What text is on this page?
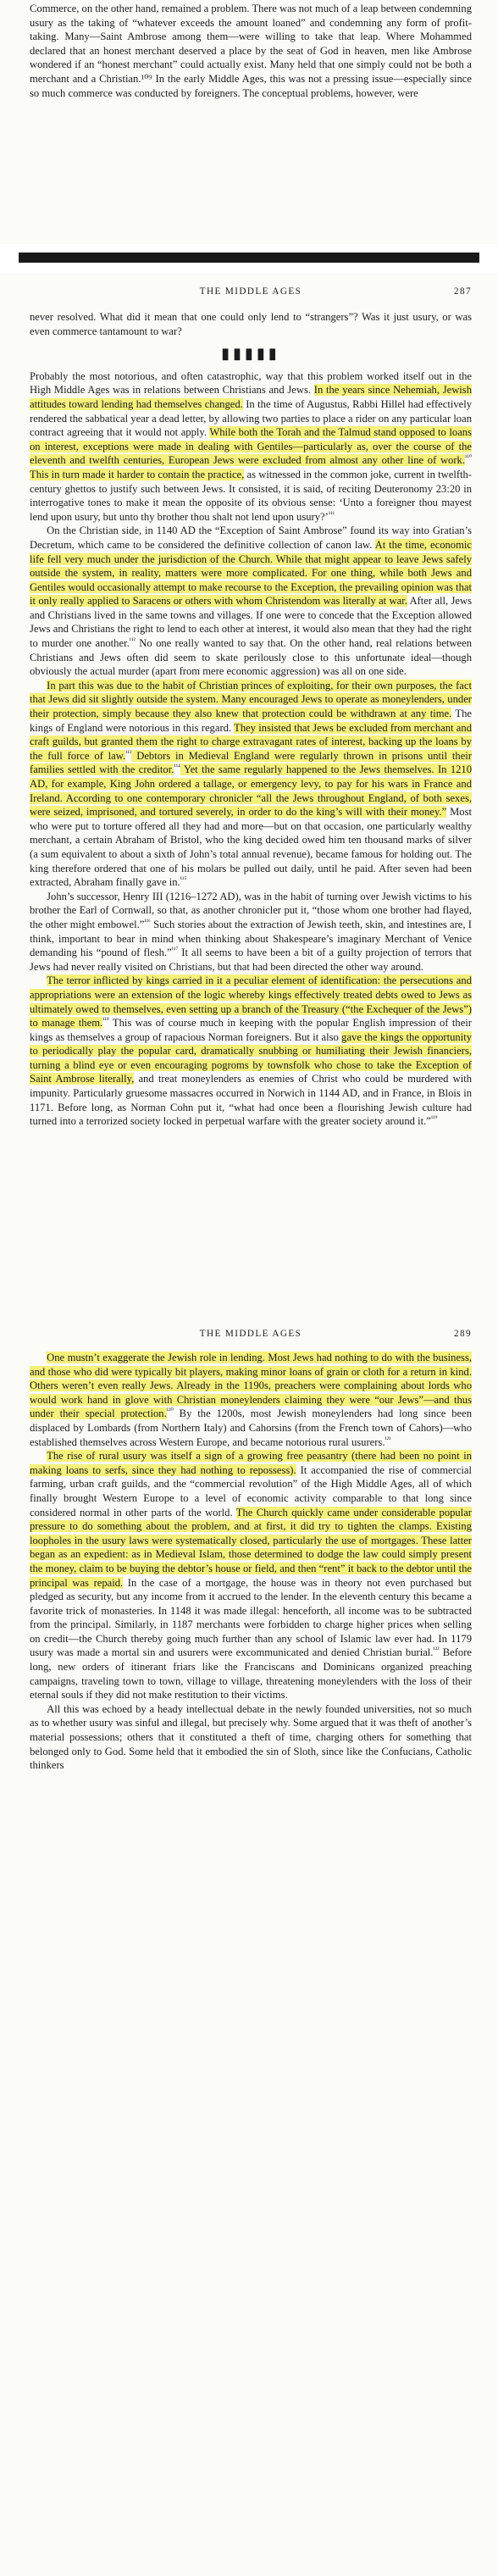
Commerce, on the other hand, remained a problem. There was not much of a leap between condemning usury as the taking of “whatever exceeds the amount loaned” and condemning any form of profit-taking. Many—Saint Ambrose among them—were willing to take that leap. Where Mohammed declared that an honest merchant deserved a place by the seat of God in heaven, men like Ambrose wondered if an “honest merchant” could actually exist. Many held that one simply could not be both a merchant and a Christian.¹⁰⁹ In the early Middle Ages, this was not a pressing issue—especially since so much commerce was conducted by foreigners. The conceptual problems, however, were

THE MIDDLE AGES	287

never resolved. What did it mean that one could only lend to “strangers”? Was it just usury, or was even commerce tantamount to war?

▮▮▮▮▮

Probably the most notorious, and often catastrophic, way that this problem worked itself out in the High Middle Ages was in relations between Christians and Jews. In the years since Nehemiah, Jewish attitudes toward lending had themselves changed. In the time of Augustus, Rabbi Hillel had effectively rendered the sabbatical year a dead letter, by allowing two parties to place a rider on any particular loan contract agreeing that it would not apply. While both the Torah and the Talmud stand opposed to loans on interest, exceptions were made in dealing with Gentiles—particularly as, over the course of the eleventh and twelfth centuries, European Jews were excluded from almost any other line of work.$^{^{110}}$ This in turn made it harder to contain the practice, as witnessed in the common joke, current in twelfth-century ghettos to justify such between Jews. It consisted, it is said, of reciting Deuteronomy 23:20 in interrogative tones to make it mean the opposite of its obvious sense: ‘Unto a foreigner thou mayest lend upon usury, but unto thy brother thou shalt not lend upon usury?’$^{^{111}}$

On the Christian side, in 1140 AD the “Exception of Saint Ambrose” found its way into Gratian’s Decretum, which came to be considered the definitive collection of canon law. At the time, economic life fell very much under the jurisdiction of the Church. While that might appear to leave Jews safely outside the system, in reality, matters were more complicated. For one thing, while both Jews and Gentiles would occasionally attempt to make recourse to the Exception, the prevailing opinion was that it only really applied to Saracens or others with whom Christendom was literally at war. After all, Jews and Christians lived in the same towns and villages. If one were to concede that the Exception allowed Jews and Christians the right to lend to each other at interest, it would also mean that they had the right to murder one another.$^{^{112}}$ No one really wanted to say that. On the other hand, real relations between Christians and Jews often did seem to skate perilously close to this unfortunate ideal—though obviously the actual murder (apart from mere economic aggression) was all on one side.

In part this was due to the habit of Christian princes of exploiting, for their own purposes, the fact that Jews did sit slightly outside the system. Many encouraged Jews to operate as moneylenders, under their protection, simply because they also knew that protection could be withdrawn at any time. The kings of England were notorious in this regard. They insisted that Jews be excluded from merchant and craft guilds, but granted them the right to charge extravagant rates of interest, backing up the loans by the full force of law.$^{^{113}}$ Debtors in Medieval England were regularly thrown in prisons until their families settled with the creditor.$^{^{114}}$ Yet the same regularly happened to the Jews themselves. In 1210 AD, for example, King John ordered a tallage, or emergency levy, to pay for his wars in France and Ireland. According to one contemporary chronicler “all the Jews throughout England, of both sexes, were seized, imprisoned, and tortured severely, in order to do the king’s will with their money.” Most who were put to torture offered all they had and more—but on that occasion, one particularly wealthy merchant, a certain Abraham of Bristol, who the king decided owed him ten thousand marks of silver (a sum equivalent to about a sixth of John’s total annual revenue), became famous for holding out. The king therefore ordered that one of his molars be pulled out daily, until he paid. After seven had been extracted, Abraham finally gave in.$^{^{115}}$

John’s successor, Henry III (1216–1272 AD), was in the habit of turning over Jewish victims to his brother the Earl of Cornwall, so that, as another chronicler put it, “those whom one brother had flayed, the other might embowel.”$^{^{116}}$ Such stories about the extraction of Jewish teeth, skin, and intestines are, I think, important to bear in mind when thinking about Shakespeare’s imaginary Merchant of Venice demanding his “pound of flesh.”$^{^{117}}$ It all seems to have been a bit of a guilty projection of terrors that Jews had never really visited on Christians, but that had been directed the other way around.

The terror inflicted by kings carried in it a peculiar element of identification: the persecutions and appropriations were an extension of the logic whereby kings effectively treated debts owed to Jews as ultimately owed to themselves, even setting up a branch of the Treasury (“the Exchequer of the Jews”) to manage them.$^{^{118}}$ This was of course much in keeping with the popular English impression of their kings as themselves a group of rapacious Norman foreigners. But it also gave the kings the opportunity to periodically play the popular card, dramatically snubbing or humiliating their Jewish financiers, turning a blind eye or even encouraging pogroms by townsfolk who chose to take the Exception of Saint Ambrose literally, and treat moneylenders as enemies of Christ who could be murdered with impunity. Particularly gruesome massacres occurred in Norwich in 1144 AD, and in France, in Blois in 1171. Before long, as Norman Cohn put it, “what had once been a flourishing Jewish culture had turned into a terrorized society locked in perpetual warfare with the greater society around it.”$^{^{119}}$

THE MIDDLE AGES	289

One mustn’t exaggerate the Jewish role in lending. Most Jews had nothing to do with the business, and those who did were typically bit players, making minor loans of grain or cloth for a return in kind. Others weren’t even really Jews. Already in the 1190s, preachers were complaining about lords who would work hand in glove with Christian moneylenders claiming they were “our Jews”—and thus under their special protection.$^{^{120}}$ By the 1200s, most Jewish moneylenders had long since been displaced by Lombards (from Northern Italy) and Cahorsins (from the French town of Cahors)—who established themselves across Western Europe, and became notorious rural usurers.$^{^{121}}$

The rise of rural usury was itself a sign of a growing free peasantry (there had been no point in making loans to serfs, since they had nothing to repossess). It accompanied the rise of commercial farming, urban craft guilds, and the “commercial revolution” of the High Middle Ages, all of which finally brought Western Europe to a level of economic activity comparable to that long since considered normal in other parts of the world. The Church quickly came under considerable popular pressure to do something about the problem, and at first, it did try to tighten the clamps. Existing loopholes in the usury laws were systematically closed, particularly the use of mortgages. These latter began as an expedient: as in Medieval Islam, those determined to dodge the law could simply present the money, claim to be buying the debtor’s house or field, and then “rent” it back to the debtor until the principal was repaid. In the case of a mortgage, the house was in theory not even purchased but pledged as security, but any income from it accrued to the lender. In the eleventh century this became a favorite trick of monasteries. In 1148 it was made illegal: henceforth, all income was to be subtracted from the principal. Similarly, in 1187 merchants were forbidden to charge higher prices when selling on credit—the Church thereby going much further than any school of Islamic law ever had. In 1179 usury was made a mortal sin and usurers were excommunicated and denied Christian burial.$^{^{122}}$ Before long, new orders of itinerant friars like the Franciscans and Dominicans organized preaching campaigns, traveling town to town, village to village, threatening moneylenders with the loss of their eternal souls if they did not make restitution to their victims.

All this was echoed by a heady intellectual debate in the newly founded universities, not so much as to whether usury was sinful and illegal, but precisely why. Some argued that it was theft of another’s material possessions; others that it constituted a theft of time, charging others for something that belonged only to God. Some held that it embodied the sin of Sloth, since like the Confucians, Catholic thinkers
